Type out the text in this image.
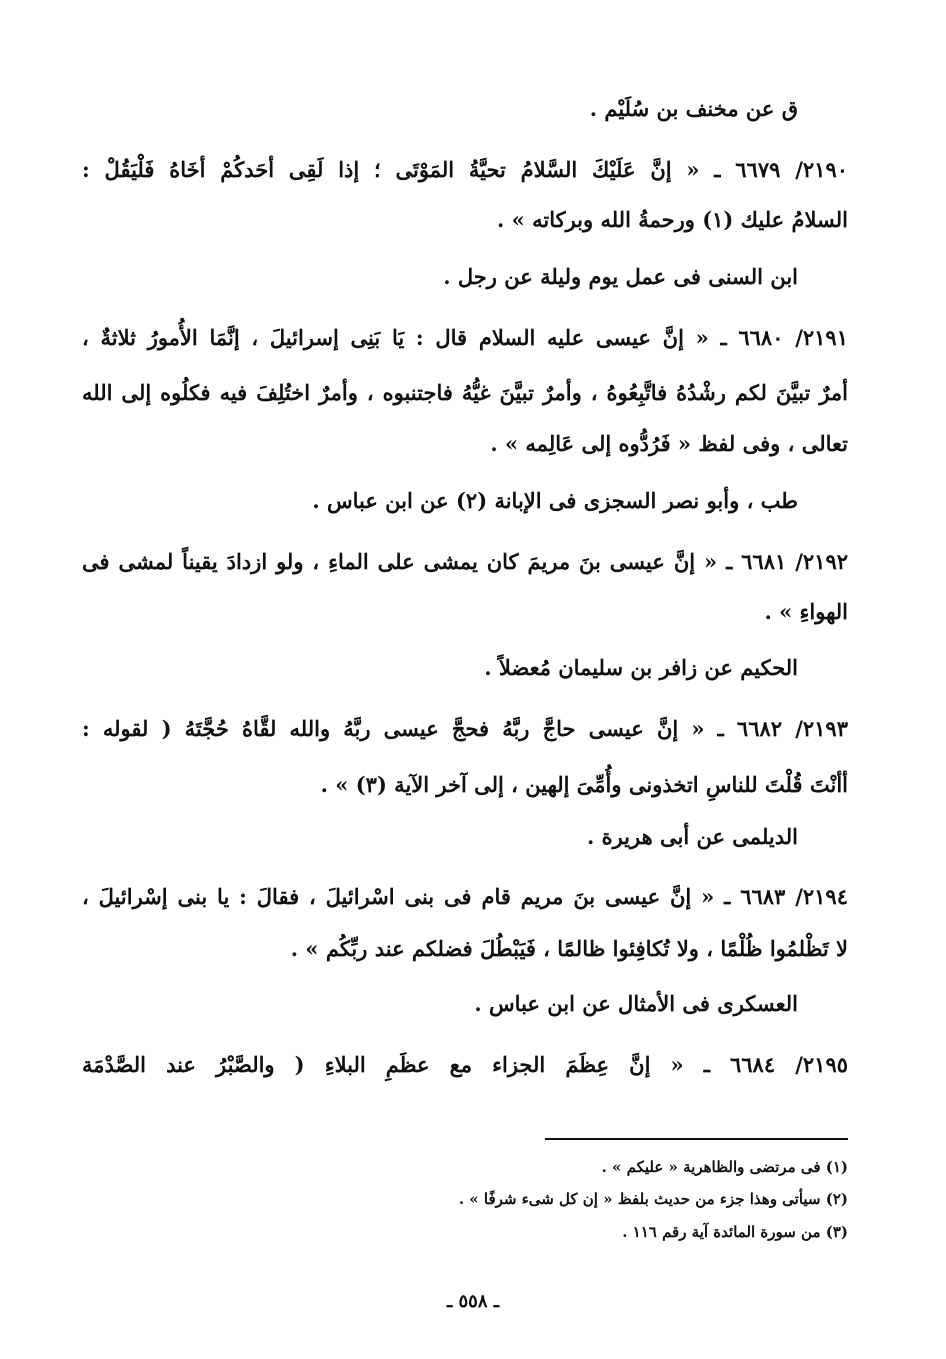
ق عن مخنف بن سُلَيْم .
٢١٩٠/ ٦٦٧٩ ـ « إنَّ عَلَيْكَ السَّلامُ تحيَّةُ المَوْتَى ؛ إذا لَقِى أحَدكُمْ أخَاهُ فَلْيَقُلْ :
السلامُ عليك (١) ورحمةُ الله وبركاته » .
ابن السنى فى عمل يوم وليلة عن رجل .
٢١٩١/ ٦٦٨٠ ـ « إنَّ عيسى عليه السلام قال : يَا بَنِى إسرائيلَ ، إنَّمَا الأُمورُ ثلاثةٌ ،
أمرٌ تبيَّنَ لكم رشْدُهُ فاتَّبِعُوهُ ، وأمرٌ تبيَّنَ غيُّهُ فاجتنبوه ، وأمرٌ اختُلِفَ فيه فكلُوه إلى الله
تعالى ، وفى لفظ « فَرُدُّوه إلى عَالِمه » .
طب ، وأبو نصر السجزى فى الإبانة (٢) عن ابن عباس .
٢١٩٢/ ٦٦٨١ ـ « إنَّ عيسى بنَ مريمَ كان يمشى على الماءِ ، ولو ازدادَ يقيناً لمشى فى
الهواءِ » .
الحكيم عن زافر بن سليمان مُعضلاً .
٢١٩٣/ ٦٦٨٢ ـ « إنَّ عيسى حاجَّ ربَّهُ فحجَّ عيسى ربَّهُ والله لقَّاهُ حُجَّتَهُ ( لقوله :
أأنْتَ قُلْتَ للناسِ اتخذونى وأُمِّىَ إلهين ، إلى آخر الآية (٣) » .
الديلمى عن أبى هريرة .
٢١٩٤/ ٦٦٨٣ ـ « إنَّ عيسى بنَ مريم قام فى بنى اسْرائيلَ ، فقالَ : يا بنى إسْرائيلَ ،
لا تَظْلمُوا ظُلْمًا ، ولا تُكافِئوا ظالمًا ، فَيَبْطُلَ فضلكم عند ربِّكُم » .
العسكرى فى الأمثال عن ابن عباس .
٢١٩٥/ ٦٦٨٤ ـ « إنَّ عِظَمَ الجزاء مع عظَمِ البلاءِ ( والصَّبْرُ عند الصَّدْمَة
(١) فى مرتضى والظاهرية « عليكم » .
(٢) سيأتى وهذا جزء من حديث بلفظ « إن كل شىء شرفًا » .
(٣) من سورة المائدة آية رقم ١١٦ .
ـ ٥٥٨ ـ
